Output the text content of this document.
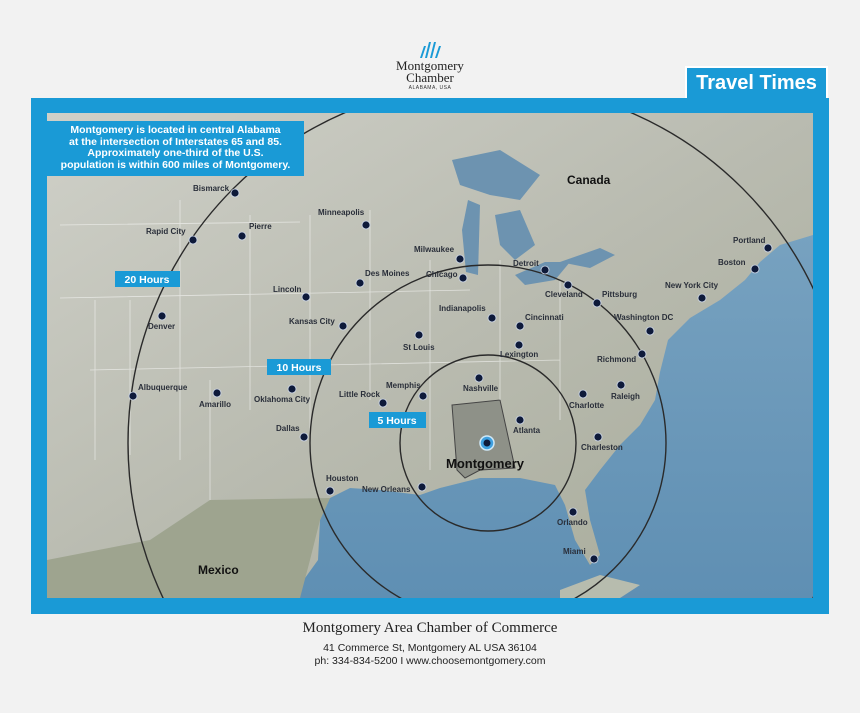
Montgomery
Chamber
ALABAMA, USA	Travel Times
5 Hours
10 Hours
20 Hours
Canada
Mexico
Bismarck
Minneapolis
Rapid City
Pierre
Milwaukee
Detroit
Portland
Boston
Chicago
Des Moines
Lincoln
Cleveland Pittsburg
New York City
Indianapolis
Kansas City	Cincinnati	Washington DC
Denver
St Louis
Lexington
Richmond
Albuquerque
Amarillo
Oklahoma City
Little Rock
Memphis	Nashville
Charlotte
Raleigh
Dallas	Atlanta
Charleston
Houston
New Orleans
Orlando
Miami
Montgomery
Montgomery is located in central Alabama
at the intersection of Interstates 65 and 85.
Approximately one-third of the U.S.
population is within 600 miles of Montgomery.
Montgomery Area Chamber of Commerce
41 Commerce St, Montgomery AL USA 36104
ph: 334-834-5200 I www.choosemontgomery.com
